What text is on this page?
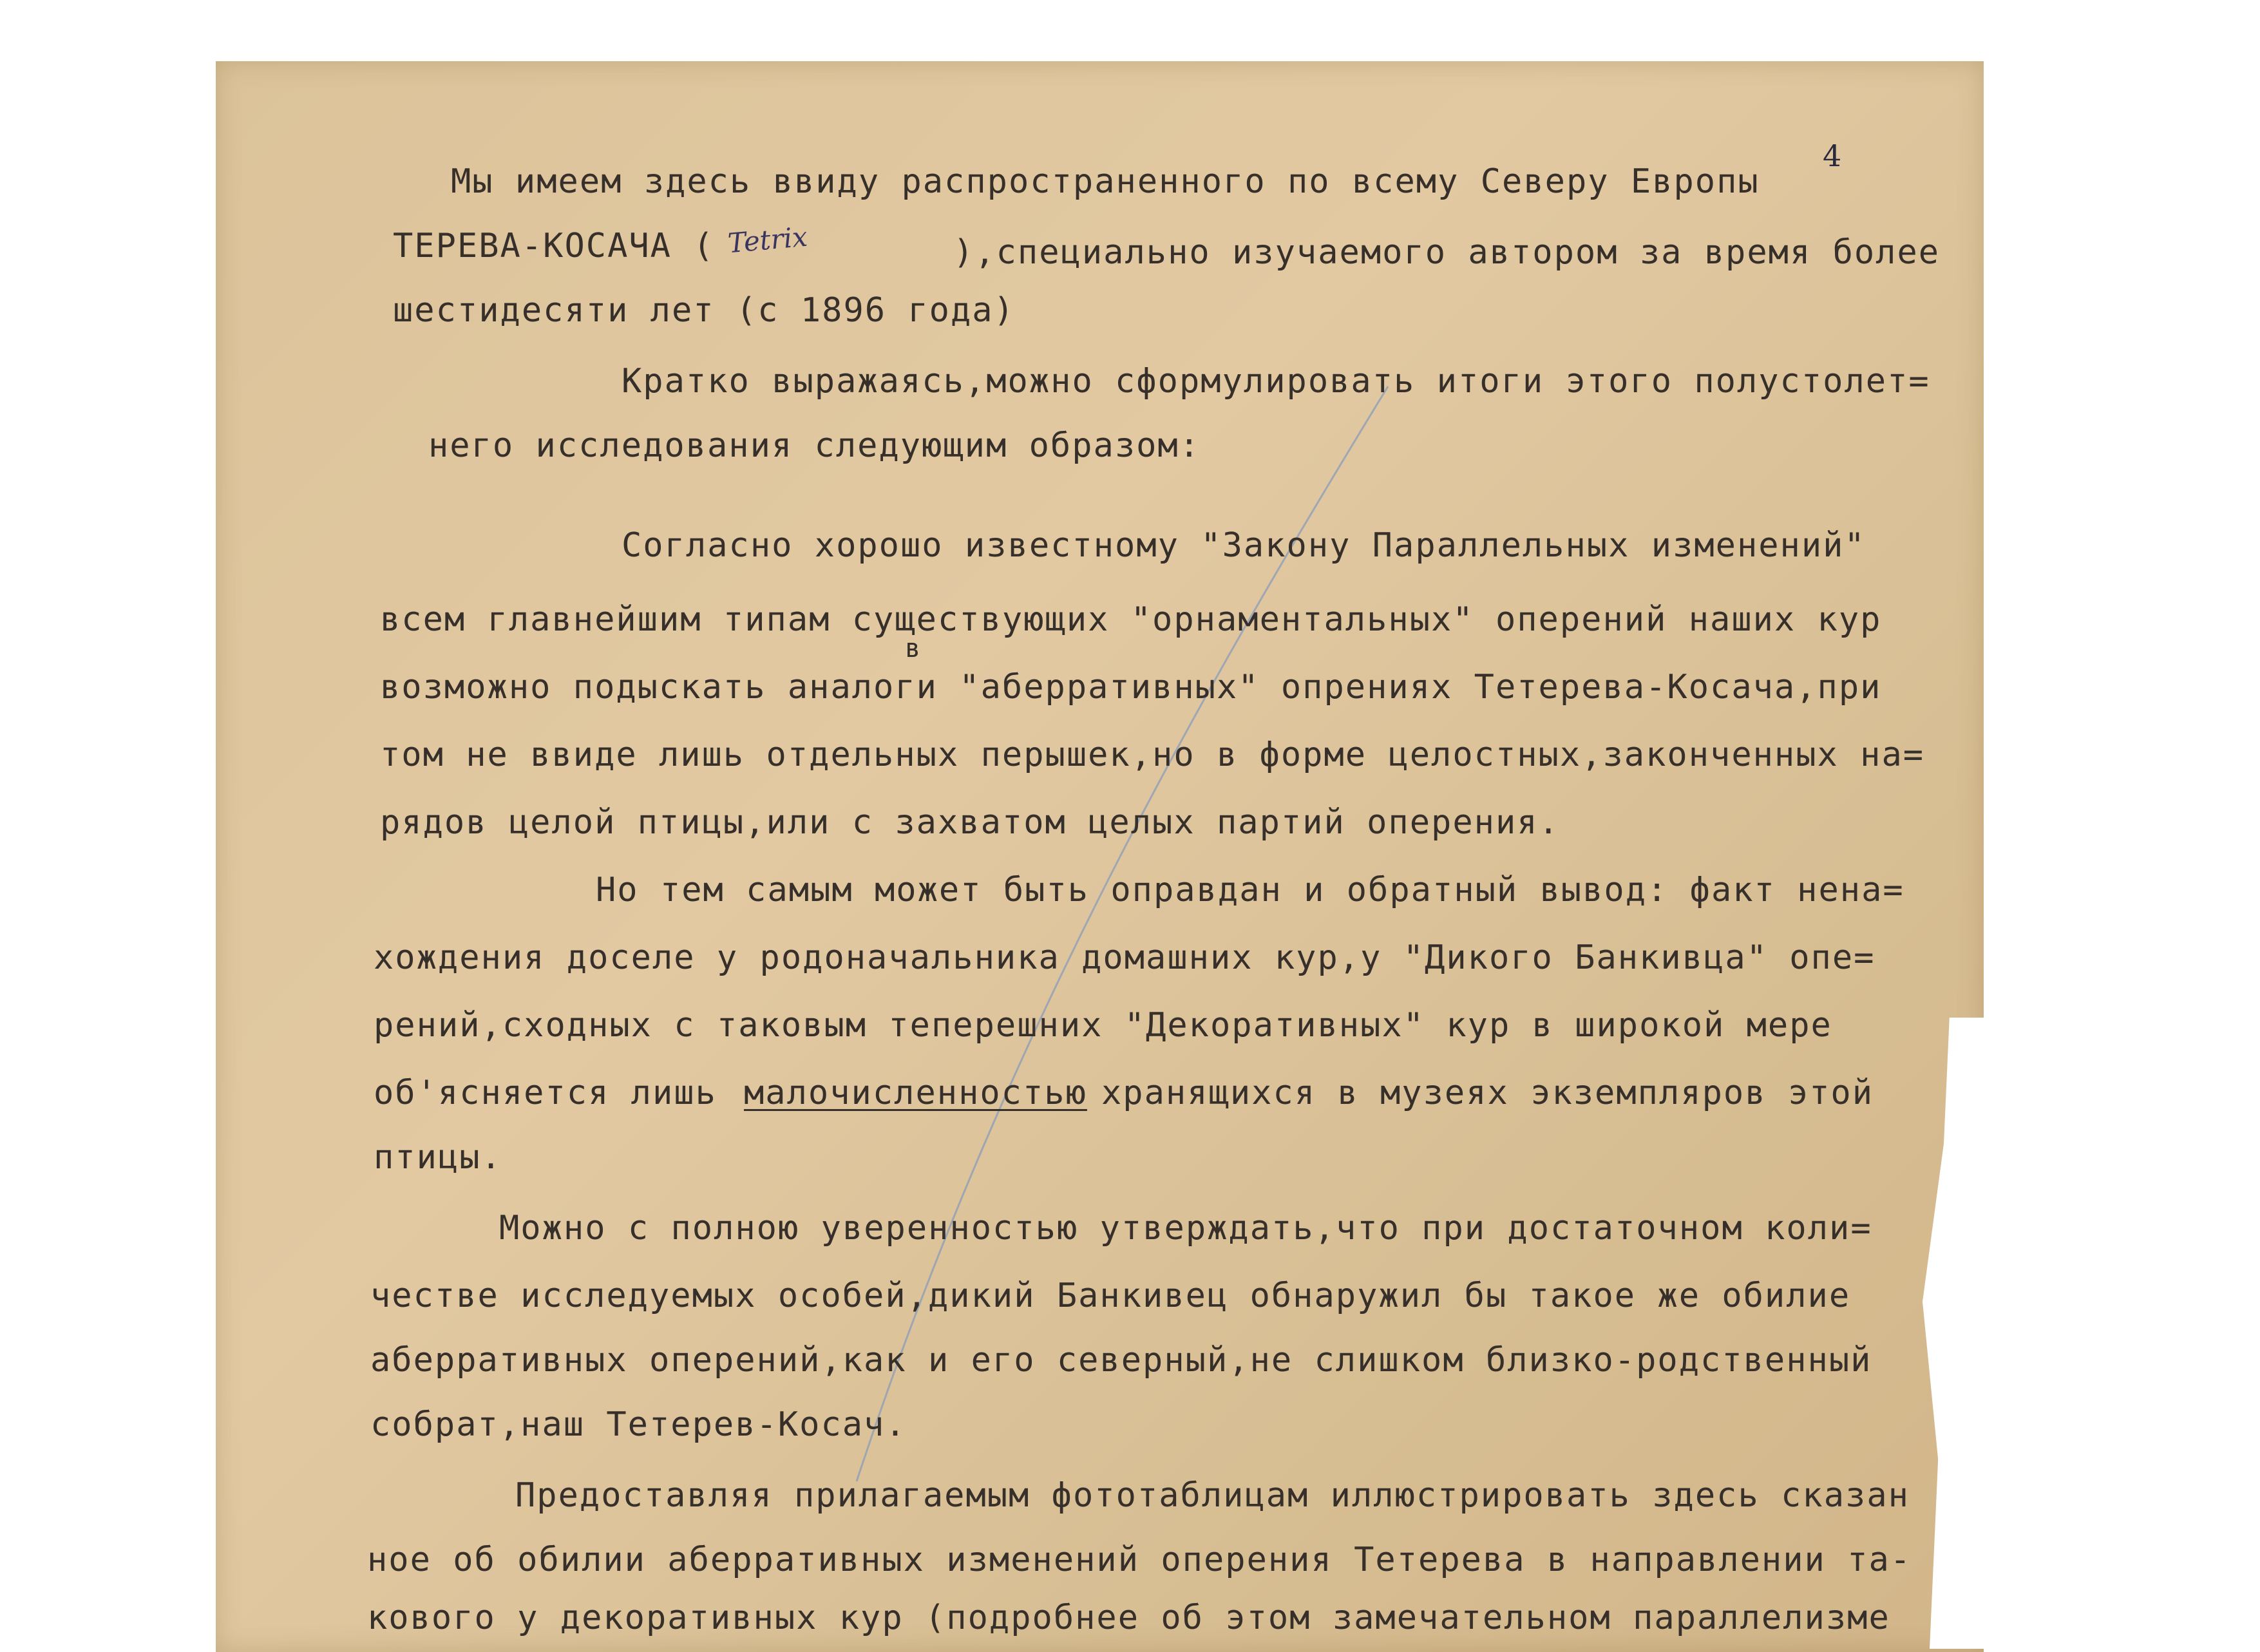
4

Мы имеем здесь ввиду распространенного по всему Северу Европы

ТЕРЕВА-КОСАЧА ( Tetrix	),специально изучаемого автором за время более

шестидесяти лет (с 1896 года)

Кратко выражаясь,можно сформулировать итоги этого полустолет=

него исследования следующим образом:

Согласно хорошо известному "Закону Параллельных изменений"

всем главнейшим типам существующих "орнаментальных" оперений наших кур

в

возможно подыскать аналоги "аберративных" опрениях Тетерева-Косача,при

том не ввиде лишь отдельных перышек,но в форме целостных,законченных на=

рядов целой птицы,или с захватом целых партий оперения.

Но тем самым может быть оправдан и обратный вывод: факт нена=

хождения доселе у родоначальника домашних кур,у "Дикого Банкивца" опе=

рений,сходных с таковым теперешних "Декоративных" кур в широкой мере

об'ясняется лишь малочисленностью хранящихся в музеях экземпляров этой

птицы.

Можно с полною уверенностью утверждать,что при достаточном коли=

честве исследуемых особей,дикий Банкивец обнаружил бы такое же обилие

аберративных оперений,как и его северный,не слишком близко-родственный

собрат,наш Тетерев-Косач.

Предоставляя прилагаемым фототаблицам иллюстрировать здесь сказан

ное об обилии аберративных изменений оперения Тетерева в направлении та-

кового у декоративных кур (подробнее об этом замечательном параллелизме
